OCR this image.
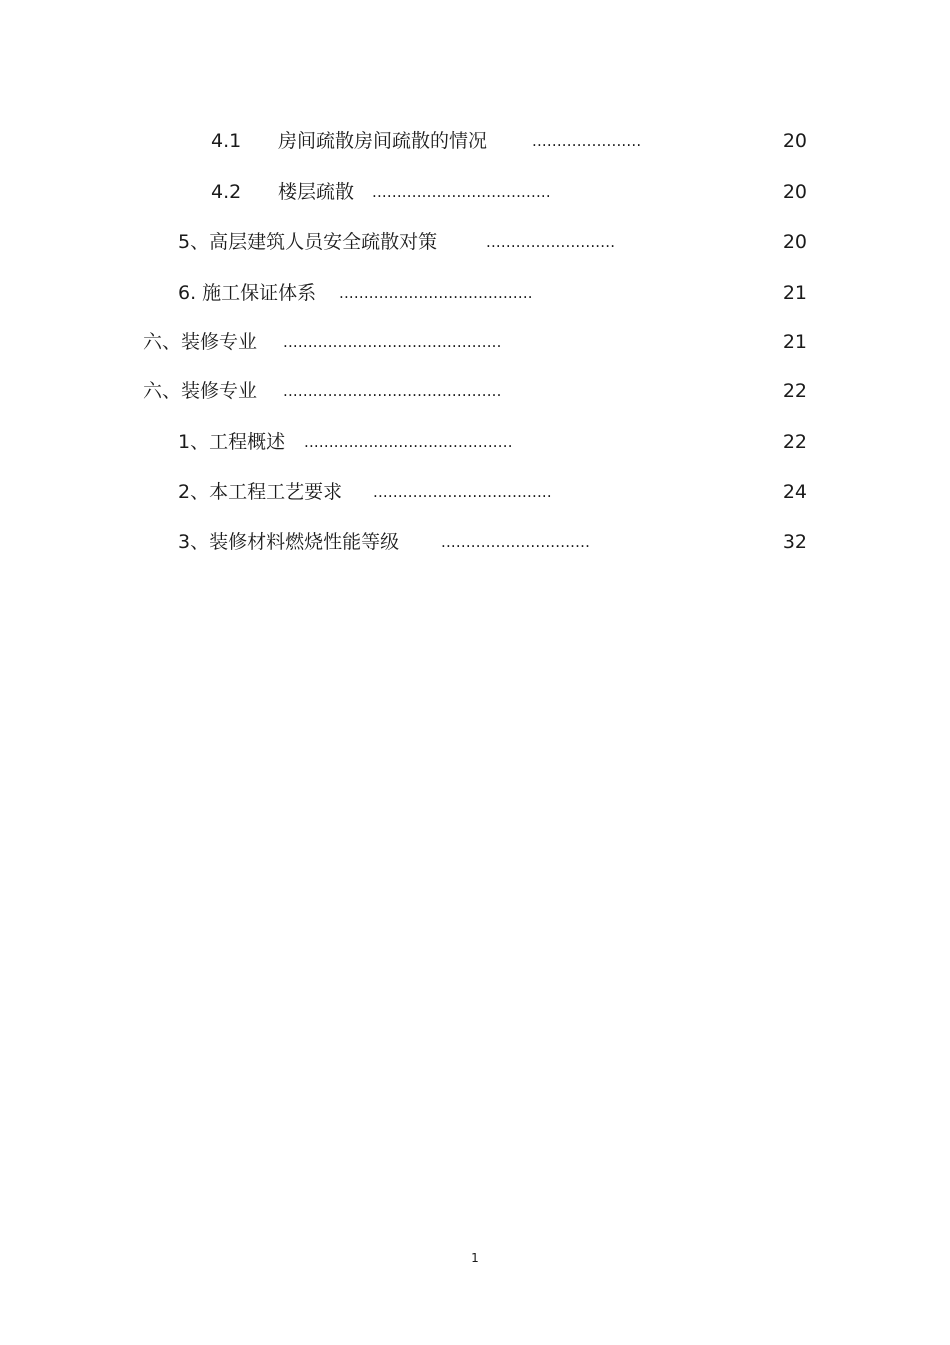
4.1 房间疏散房间疏散的情况	......................	20
4.2 楼层疏散 ....................................	20
5、高层建筑人员安全疏散对策	..........................	20
6. 施工保证体系 .......................................	21
六、装修专业 ............................................	21
六、装修专业 ............................................	22
1、工程概述 ..........................................	22
2、本工程工艺要求 ....................................	24
3、装修材料燃烧性能等级	..............................	32
1
